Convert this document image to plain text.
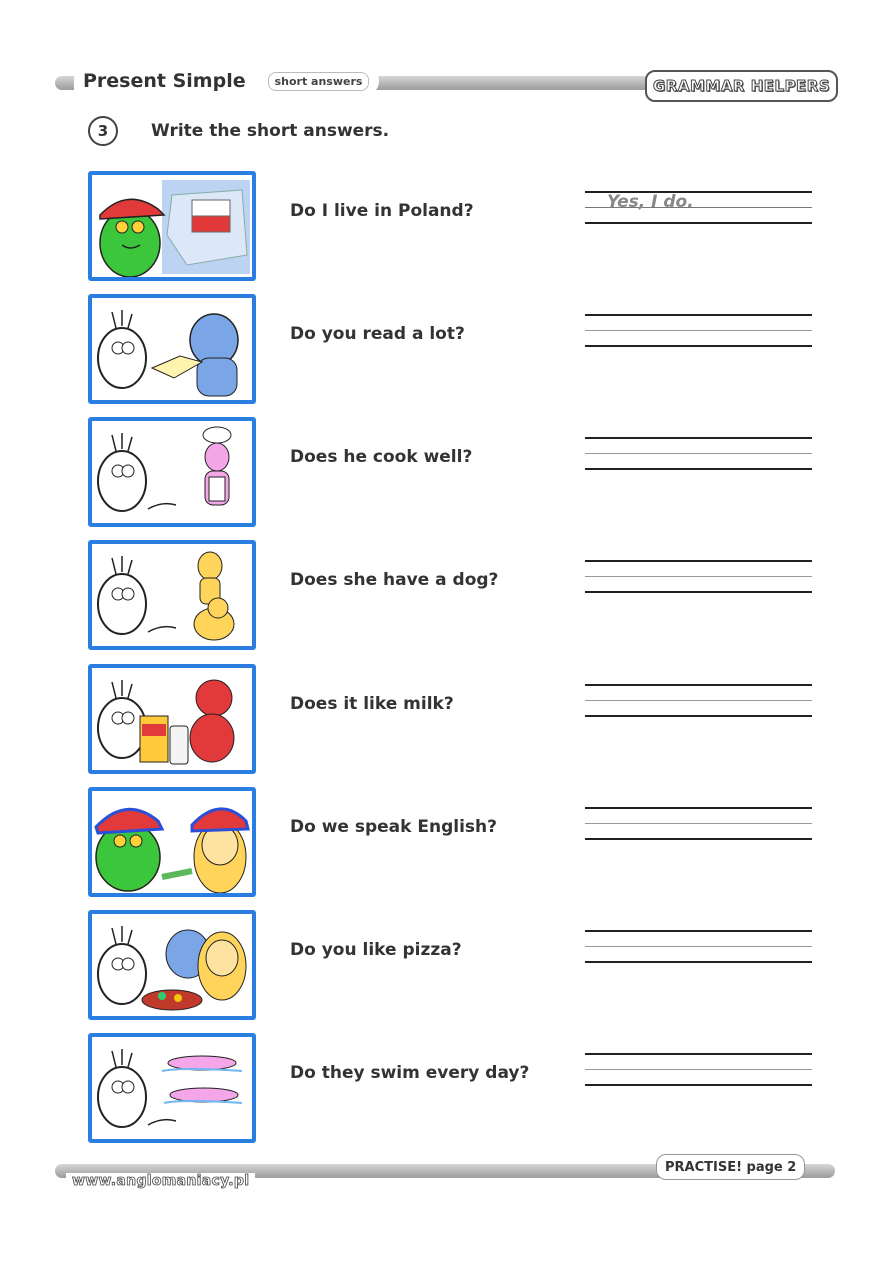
Present Simple	short answers	GRAMMAR HELPERS
3	Write the short answers.
Do I live in Poland?	Yes, I do.
Do you read a lot?
Does he cook well?
Does she have a dog?
Does it like milk?
Do we speak English?
Do you like pizza?
Do they swim every day?
www.anglomaniacy.pl
PRACTISE! page 2
